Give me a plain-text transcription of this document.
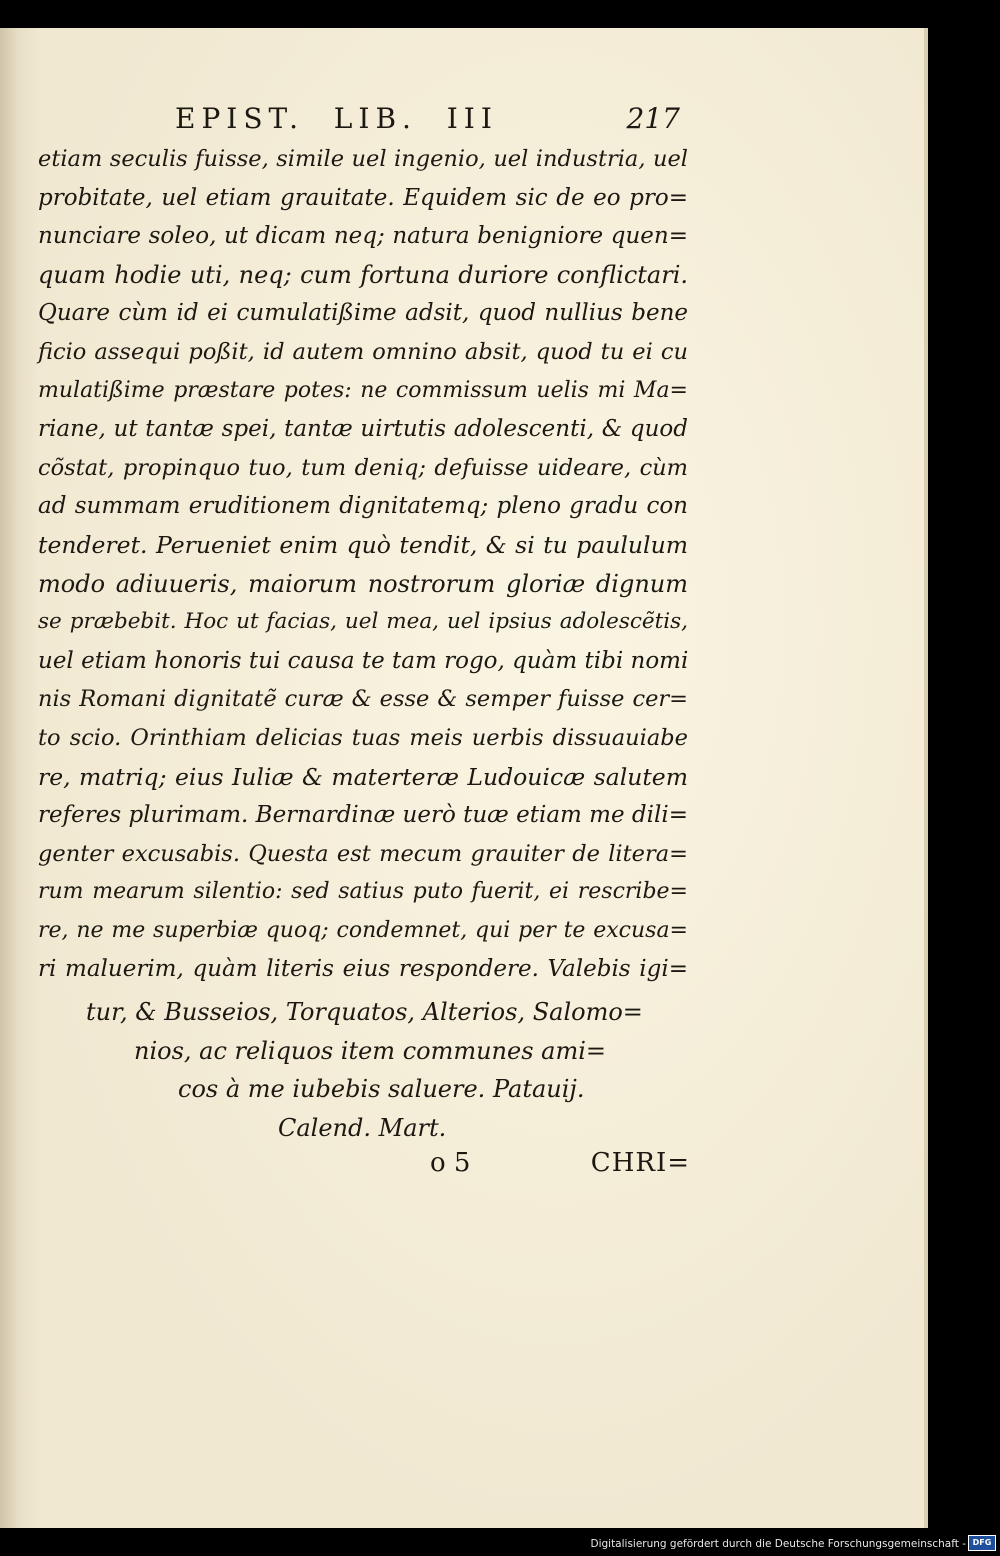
EPIST.  LIB.  III	217
etiam seculis fuisse, simile uel ingenio, uel industria, uel
probitate, uel etiam grauitate. Equidem sic de eo pro=
nunciare soleo, ut dicam neq; natura benigniore quen=
quam hodie uti, neq; cum fortuna duriore conflictari.
Quare cùm id ei cumulatißime adsit, quod nullius bene
ficio assequi poßit, id autem omnino absit, quod tu ei cu
mulatißime præstare potes: ne commissum uelis mi Ma=
riane, ut tantæ spei, tantæ uirtutis adolescenti, & quod
cõstat, propinquo tuo, tum deniq; defuisse uideare, cùm
ad summam eruditionem dignitatemq; pleno gradu con
tenderet. Perueniet enim quò tendit, & si tu paululum
modo adiuueris, maiorum nostrorum gloriæ dignum
se præbebit. Hoc ut facias, uel mea, uel ipsius adolescẽtis,
uel etiam honoris tui causa te tam rogo, quàm tibi nomi
nis Romani dignitatẽ curæ & esse & semper fuisse cer=
to scio. Orinthiam delicias tuas meis uerbis dissuauiabe
re, matriq; eius Iuliæ & materteræ Ludouicæ salutem
referes plurimam. Bernardinæ uerò tuæ etiam me dili=
genter excusabis. Questa est mecum grauiter de litera=
rum mearum silentio: sed satius puto fuerit, ei rescribe=
re, ne me superbiæ quoq; condemnet, qui per te excusa=
ri maluerim, quàm literis eius respondere. Valebis igi=
tur, & Busseios, Torquatos, Alterios, Salomo=
nios, ac reliquos item communes ami=
cos à me iubebis saluere. Patauij.
Calend. Mart.
o 5	CHRI=
Digitalisierung gefördert durch die Deutsche Forschungsgemeinschaft - DFG
